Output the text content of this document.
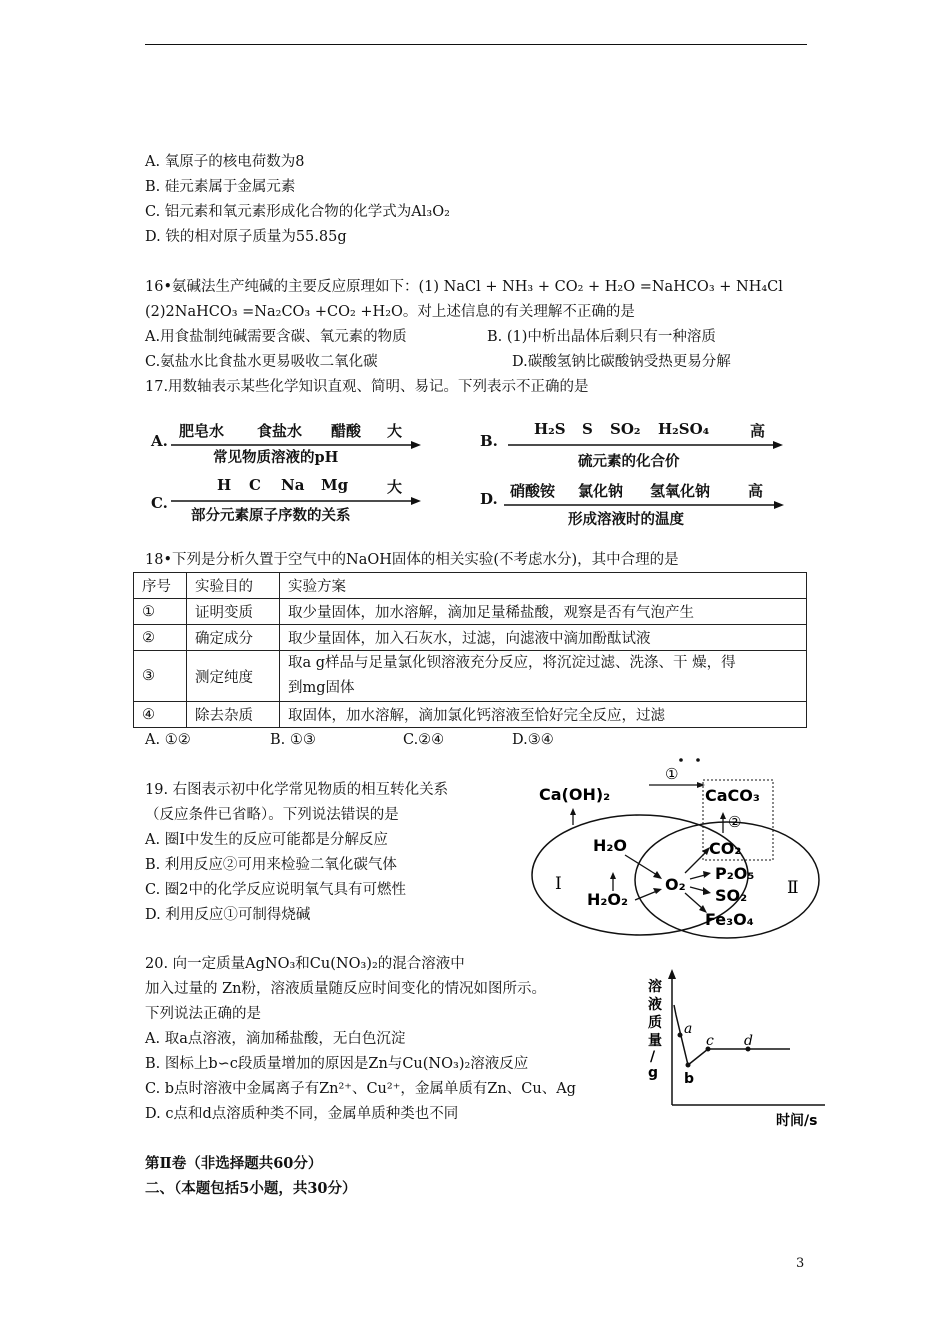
A. 氧原子的核电荷数为8
B. 硅元素属于金属元素
C. 铝元素和氧元素形成化合物的化学式为Al₃O₂
D. 铁的相对原子质量为55.85g
16•氨碱法生产纯碱的主要反应原理如下：(1) NaCl + NH₃ + CO₂ + H₂O =NaHCO₃ + NH₄Cl
(2)2NaHCO₃ =Na₂CO₃ +CO₂ +H₂O。对上述信息的有关理解不正确的是
A.用食盐制纯碱需要含碳、氧元素的物质	B. (1)中析出晶体后剩只有一种溶质
C.氨盐水比食盐水更易吸收二氧化碳	D.碳酸氢钠比碳酸钠受热更易分解
17.用数轴表示某些化学知识直观、简明、易记。下列表示不正确的是
A.
肥皂水 食盐水 醋酸 大
常见物质溶液的pH
B.
H₂S S SO₂ H₂SO₄	高
硫元素的化合价
C.
H C Na Mg	大
部分元素原子序数的关系
D. 硝酸铵 氯化钠 氢氧化钠	高
形成溶液时的温度
18•下列是分析久置于空气中的NaOH固体的相关实验(不考虑水分)，其中合理的是
序号	实验目的	实验方案
①	证明变质	取少量固体，加水溶解，滴加足量稀盐酸，观察是否有气泡产生
②	确定成分	取少量固体，加入石灰水，过滤，向滤液中滴加酚酞试液
③	测定纯度	取a g样品与足量氯化钡溶液充分反应，将沉淀过滤、洗涤、干 燥，得
到mg固体

④	除去杂质	取固体，加水溶解，滴加氯化钙溶液至恰好完全反应，过滤
A. ①②	B. ①③	C.②④	D.③④
19. 右图表示初中化学常见物质的相互转化关系
（反应条件已省略）。下列说法错误的是
A. 圈Ⅰ中发生的反应可能都是分解反应
B. 利用反应②可用来检验二氧化碳气体
C. 圈2中的化学反应说明氧气具有可燃性
D. 利用反应①可制得烧碱
Ca(OH)₂
①
CaCO₃
②
CO₂
H₂O
H₂O₂
O₂
P₂O₅
SO₂
Fe₃O₄
Ⅰ	Ⅱ
20. 向一定质量AgNO₃和Cu(NO₃)₂的混合溶液中
加入过量的 Zn粉，溶液质量随反应时间变化的情况如图所示。
下列说法正确的是
A. 取a点溶液，滴加稀盐酸，无白色沉淀
B. 图标上b∽c段质量增加的原因是Zn与Cu(NO₃)₂溶液反应
C. b点时溶液中金属离子有Zn²⁺、Cu²⁺，金属单质有Zn、Cu、Ag
D. c点和d点溶质种类不同，金属单质种类也不同
溶
液
质
量
/
g
a
b
c d
时间/s
第Ⅱ卷（非选择题共60分）
二、（本题包括5小题，共30分）
3
